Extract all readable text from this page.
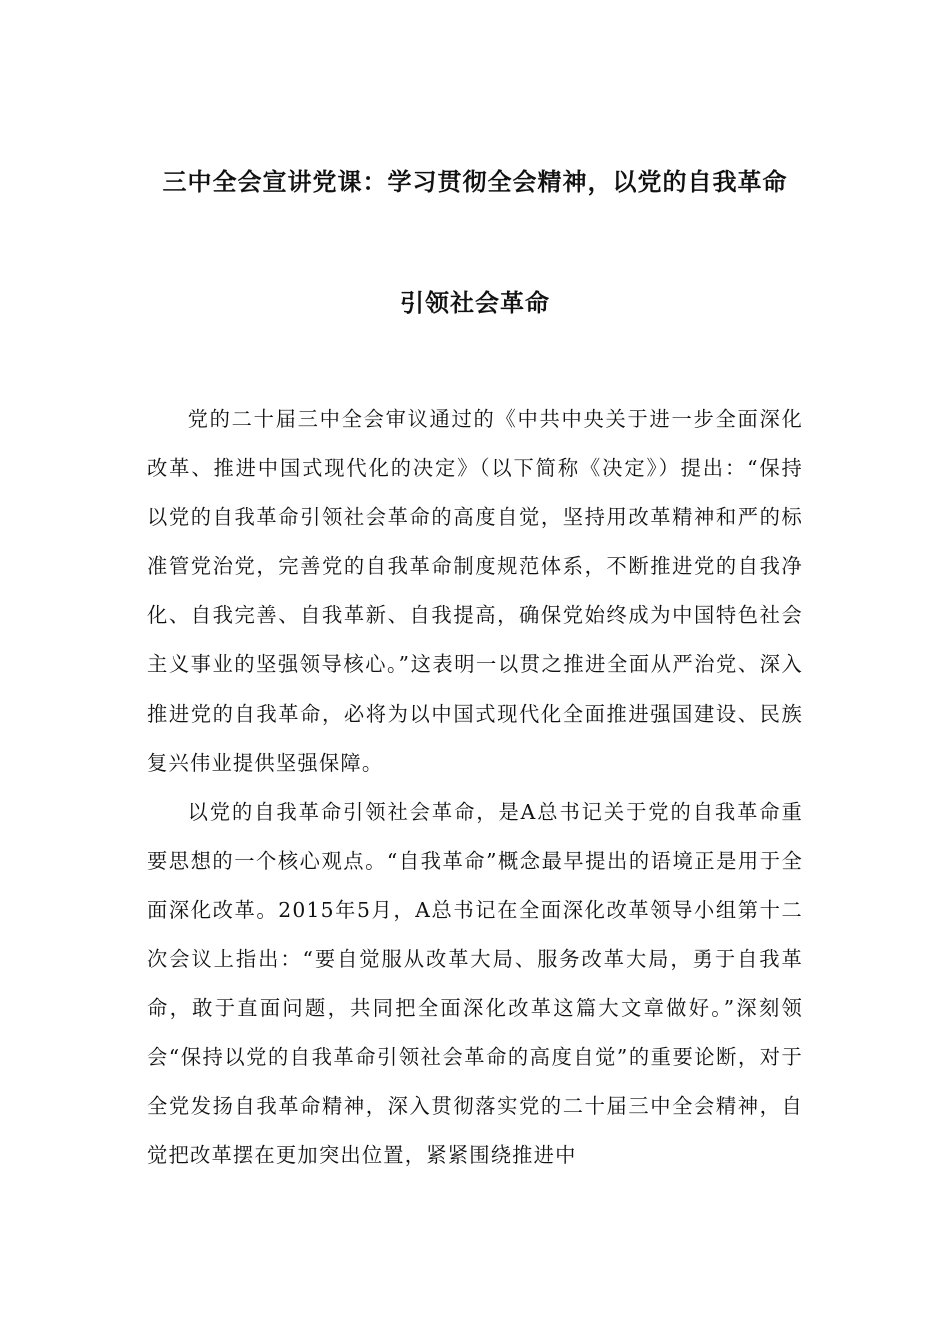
三中全会宣讲党课：学习贯彻全会精神，以党的自我革命
引领社会革命

党的二十届三中全会审议通过的《中共中央关于进一步全面深化改革、推进中国式现代化的决定》（以下简称《决定》）提出：“保持以党的自我革命引领社会革命的高度自觉，坚持用改革精神和严的标准管党治党，完善党的自我革命制度规范体系，不断推进党的自我净化、自我完善、自我革新、自我提高，确保党始终成为中国特色社会主义事业的坚强领导核心。”这表明一以贯之推进全面从严治党、深入推进党的自我革命，必将为以中国式现代化全面推进强国建设、民族复兴伟业提供坚强保障。

以党的自我革命引领社会革命，是A总书记关于党的自我革命重要思想的一个核心观点。“自我革命”概念最早提出的语境正是用于全面深化改革。2015年5月，A总书记在全面深化改革领导小组第十二次会议上指出：“要自觉服从改革大局、服务改革大局，勇于自我革命，敢于直面问题，共同把全面深化改革这篇大文章做好。”深刻领会“保持以党的自我革命引领社会革命的高度自觉”的重要论断，对于全党发扬自我革命精神，深入贯彻落实党的二十届三中全会精神，自觉把改革摆在更加突出位置，紧紧围绕推进中
